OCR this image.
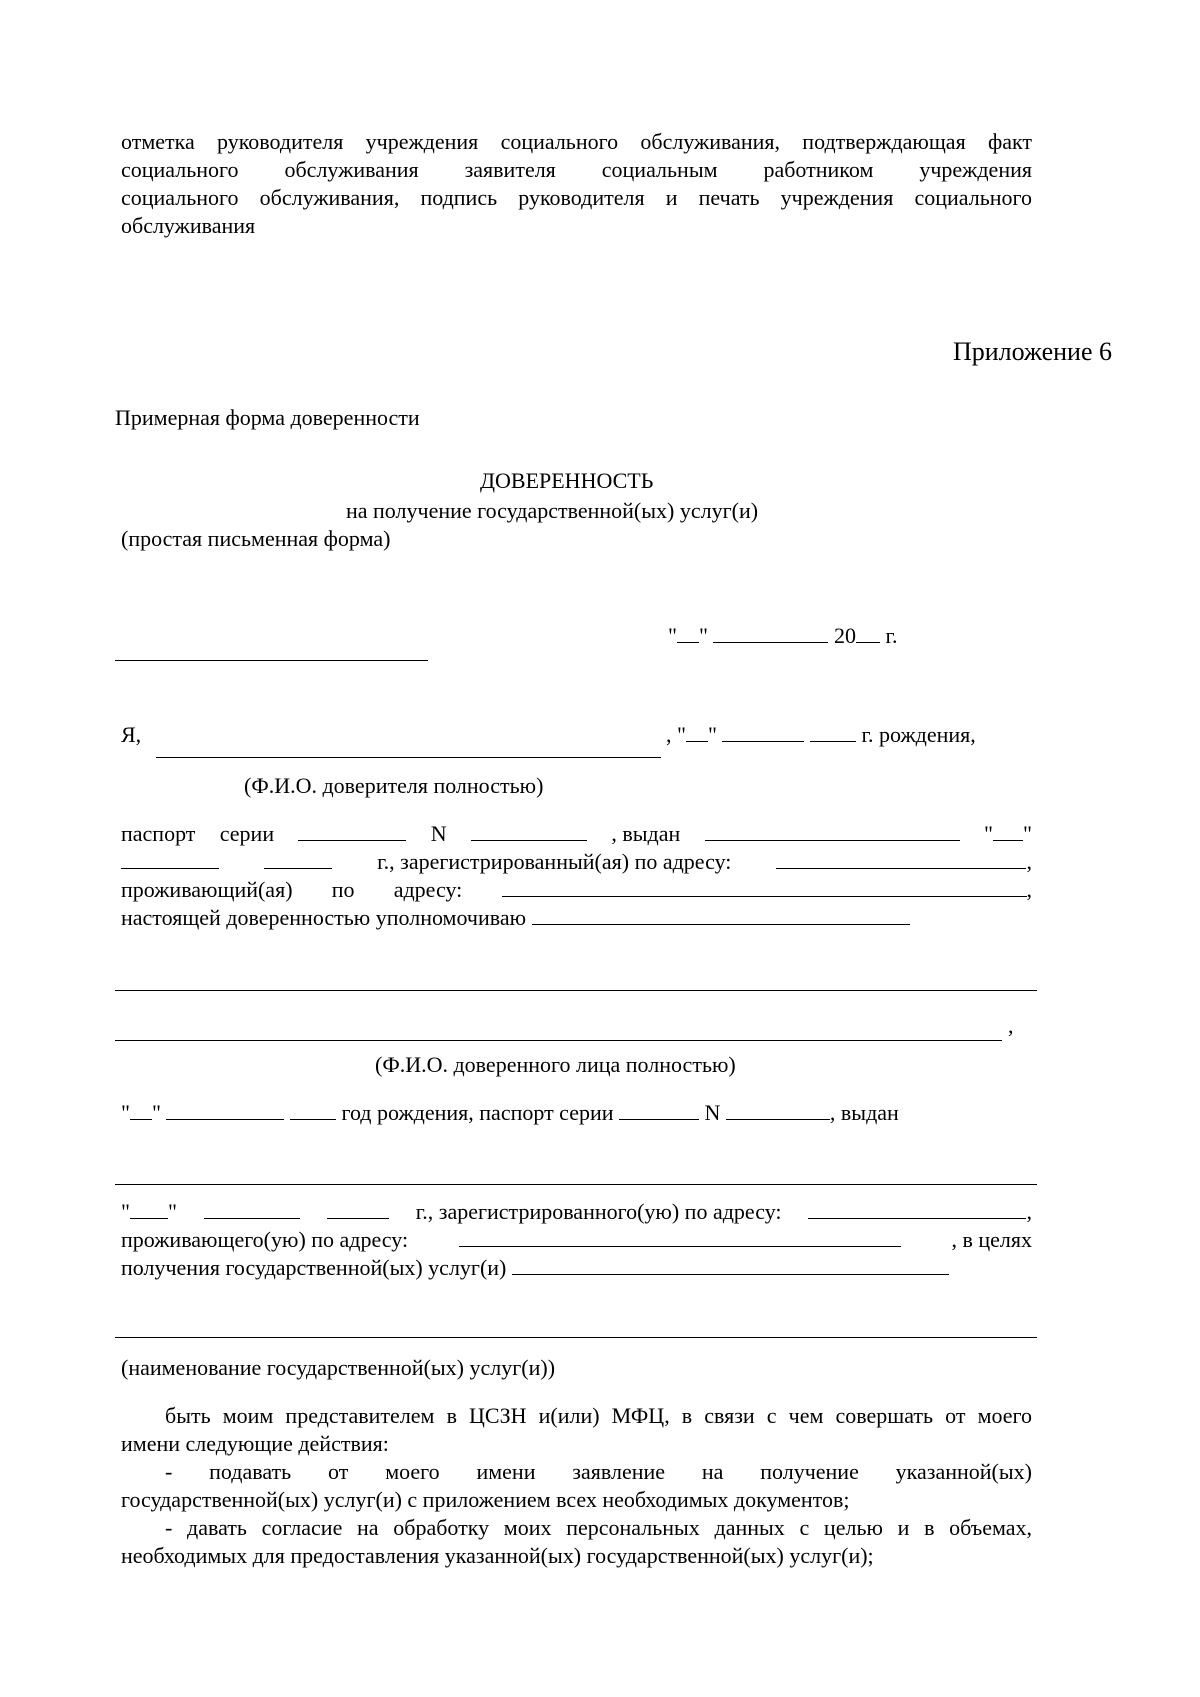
отметка руководителя учреждения социального обслуживания, подтверждающая факт
социального обслуживания заявителя социальным работником учреждения
социального обслуживания, подпись руководителя и печать учреждения социального
обслуживания
Приложение 6
Примерная форма доверенности
ДОВЕРЕННОСТЬ
на получение государственной(ых) услуг(и)
(простая письменная форма)
" "	20 г.
Я,	, " "	г. рождения,
(Ф.И.О. доверителя полностью)
паспорт серии	N	, выдан	" "
г., зарегистрированный(ая) по адресу:	,
проживающий(ая) по адресу:	,
настоящей доверенностью уполномочиваю
,
(Ф.И.О. доверенного лица полностью)
" "	год рождения, паспорт серии	N	, выдан
" "	г., зарегистрированного(ую) по адресу:	,
проживающего(ую) по адресу:	, в целях
получения государственной(ых) услуг(и)
(наименование государственной(ых) услуг(и))
быть моим представителем в ЦСЗН и(или) МФЦ, в связи с чем совершать от моего
имени следующие действия:
- подавать от моего имени заявление на получение указанной(ых)
государственной(ых) услуг(и) с приложением всех необходимых документов;
- давать согласие на обработку моих персональных данных с целью и в объемах,
необходимых для предоставления указанной(ых) государственной(ых) услуг(и);
